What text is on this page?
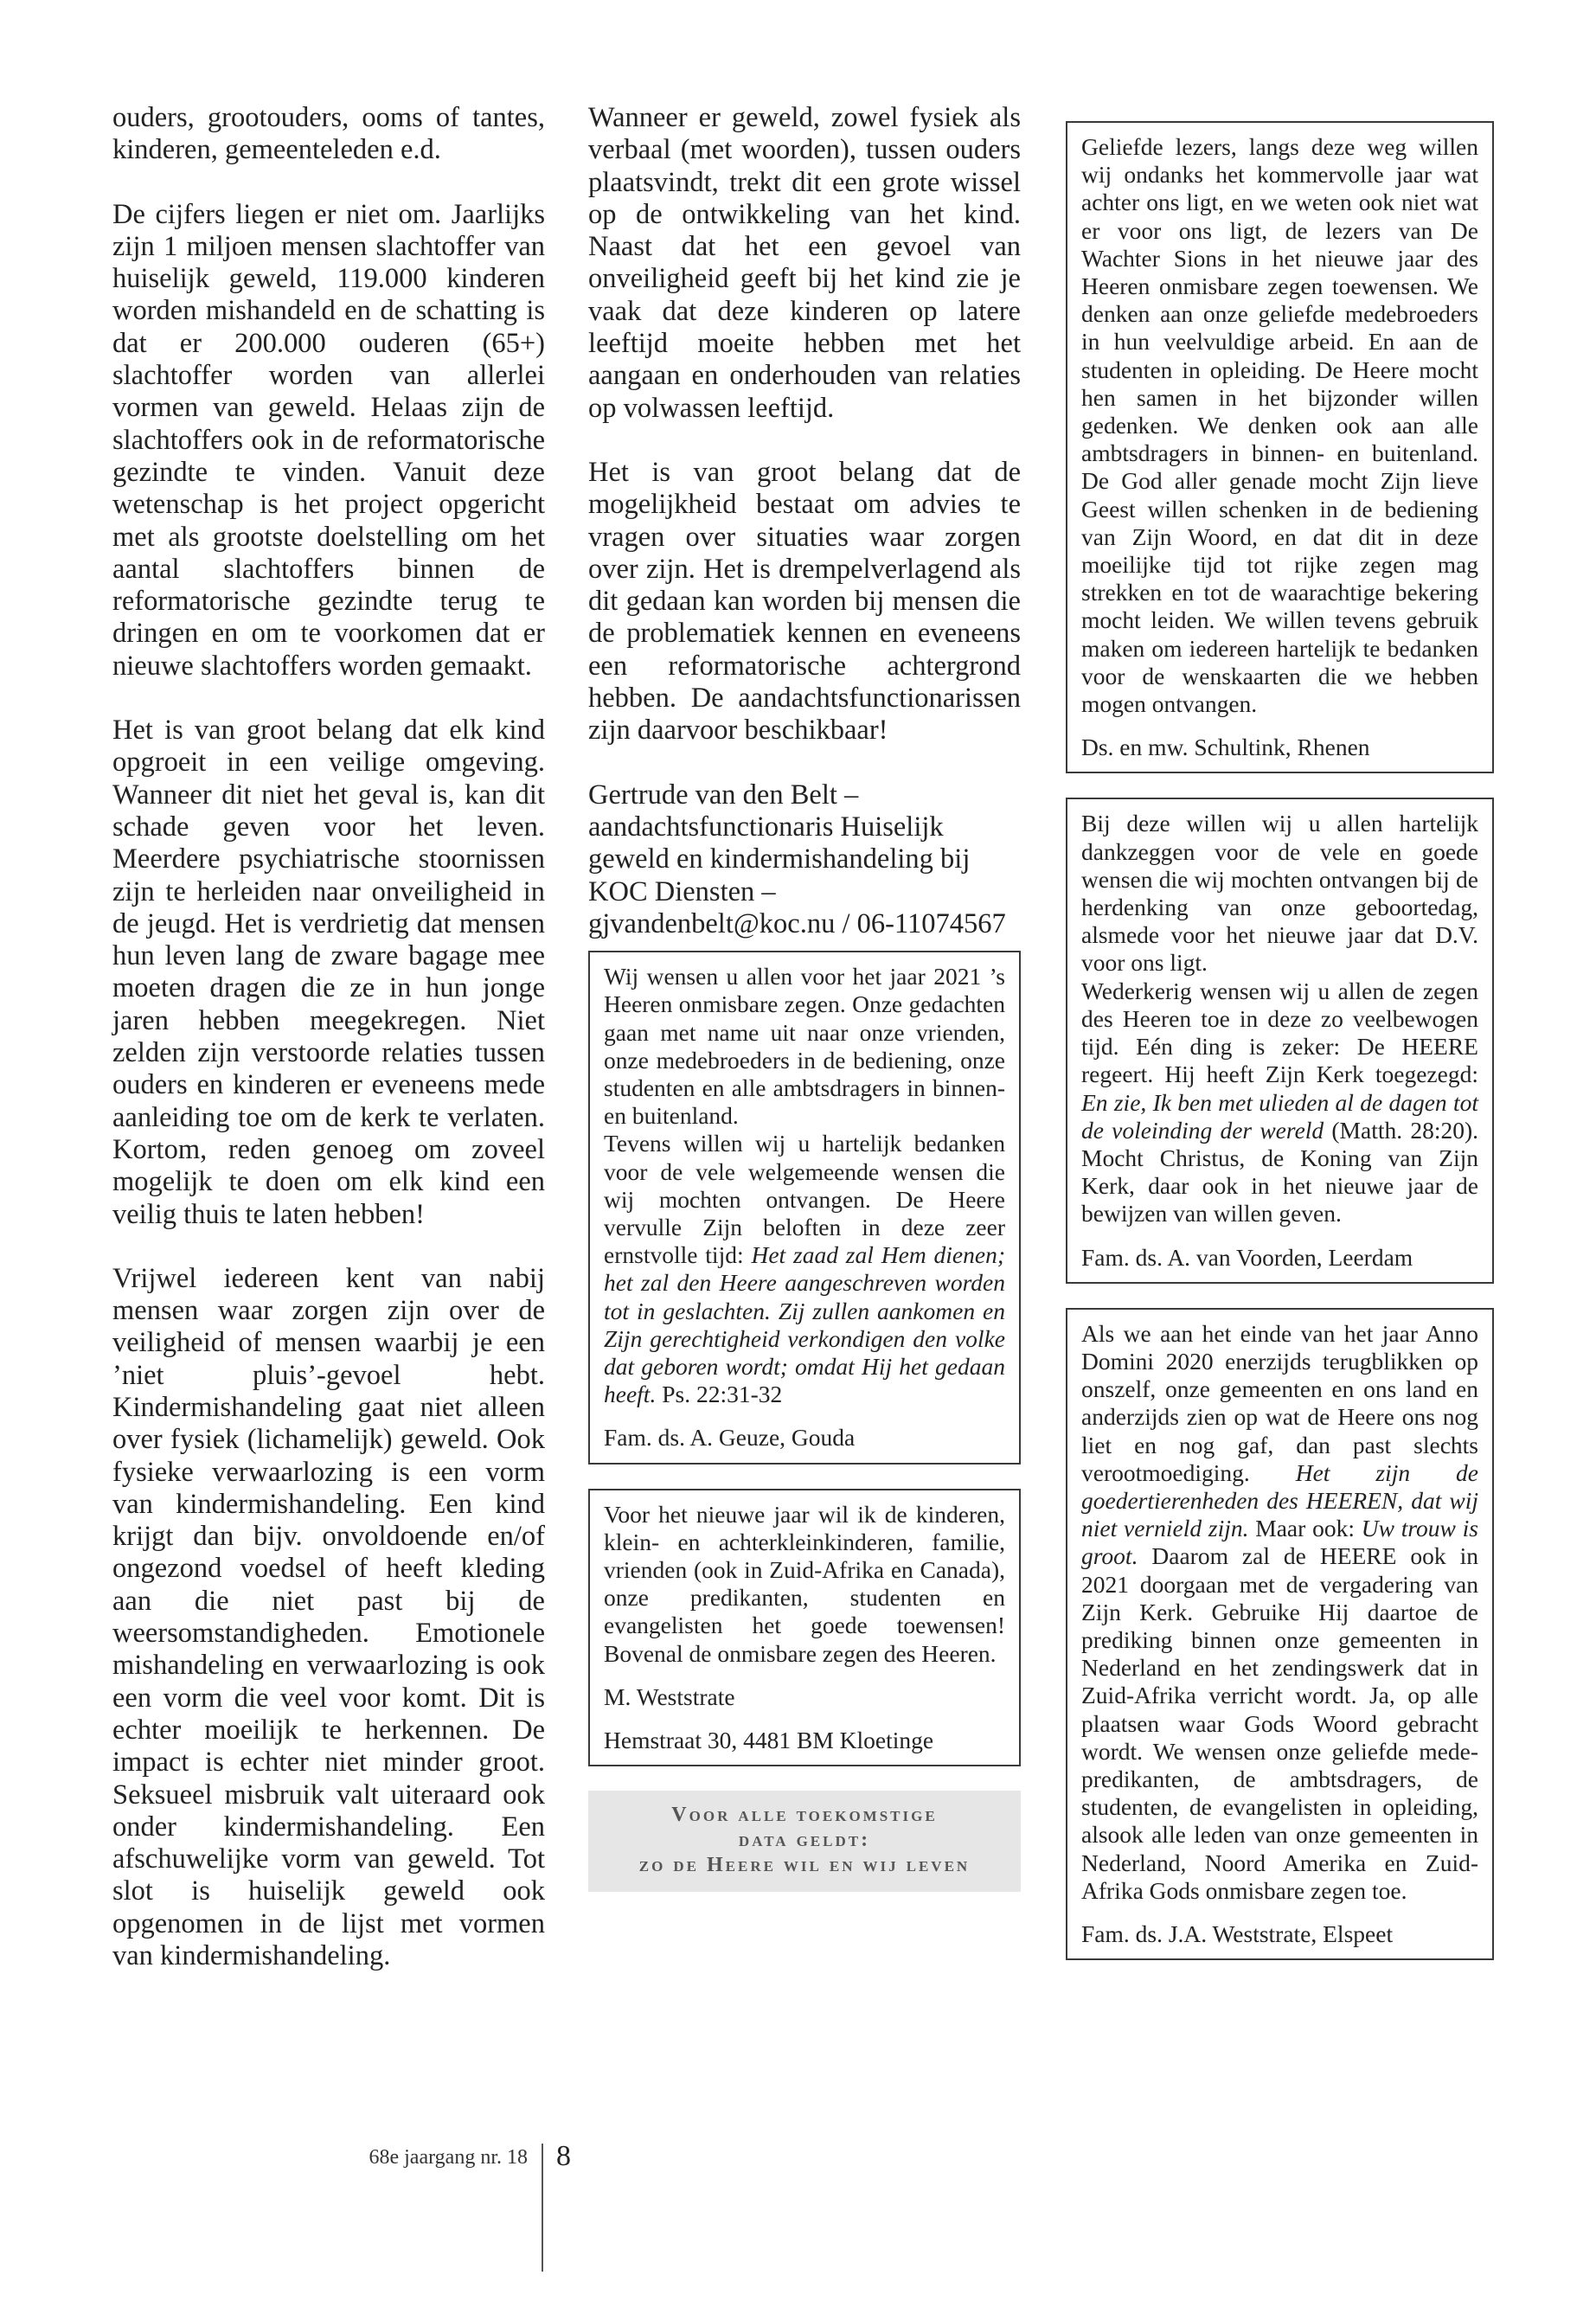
ouders, grootouders, ooms of tantes, kinderen, gemeenteleden e.d.

De cijfers liegen er niet om. Jaarlijks zijn 1 miljoen mensen slachtoffer van huiselijk geweld, 119.000 kinderen worden mishandeld en de schatting is dat er 200.000 ouderen (65+) slachtoffer worden van allerlei vormen van geweld. Helaas zijn de slachtoffers ook in de reformatorische gezindte te vinden. Vanuit deze wetenschap is het project opgericht met als grootste doelstelling om het aantal slachtoffers binnen de reformatorische gezindte terug te dringen en om te voorkomen dat er nieuwe slachtoffers worden gemaakt.

Het is van groot belang dat elk kind opgroeit in een veilige omgeving. Wanneer dit niet het geval is, kan dit schade geven voor het leven. Meerdere psychiatrische stoornissen zijn te herleiden naar onveiligheid in de jeugd. Het is verdrietig dat mensen hun leven lang de zware bagage mee moeten dragen die ze in hun jonge jaren hebben meegekregen. Niet zelden zijn verstoorde relaties tussen ouders en kinderen er eveneens mede aanleiding toe om de kerk te verlaten. Kortom, reden genoeg om zoveel mogelijk te doen om elk kind een veilig thuis te laten hebben!

Vrijwel iedereen kent van nabij mensen waar zorgen zijn over de veiligheid of mensen waarbij je een ’niet pluis’-gevoel hebt. Kindermishandeling gaat niet alleen over fysiek (lichamelijk) geweld. Ook fysieke verwaarlozing is een vorm van kindermishandeling. Een kind krijgt dan bijv. onvoldoende en/of ongezond voedsel of heeft kleding aan die niet past bij de weersomstandigheden. Emotionele mishandeling en verwaarlozing is ook een vorm die veel voor komt. Dit is echter moeilijk te herkennen. De impact is echter niet minder groot. Seksueel misbruik valt uiteraard ook onder kindermishandeling. Een afschuwelijke vorm van geweld. Tot slot is huiselijk geweld ook opgenomen in de lijst met vormen van kindermishandeling.

Wanneer er geweld, zowel fysiek als verbaal (met woorden), tussen ouders plaatsvindt, trekt dit een grote wissel op de ontwikkeling van het kind. Naast dat het een gevoel van onveiligheid geeft bij het kind zie je vaak dat deze kinderen op latere leeftijd moeite hebben met het aangaan en onderhouden van relaties op volwassen leeftijd.

Het is van groot belang dat de mogelijkheid bestaat om advies te vragen over situaties waar zorgen over zijn. Het is drempelverlagend als dit gedaan kan worden bij mensen die de problematiek kennen en eveneens een reformatorische achtergrond hebben. De aandachtsfunctionarissen zijn daarvoor beschikbaar!

Gertrude van den Belt – aandachtsfunctionaris Huiselijk geweld en kindermishandeling bij KOC Diensten – gjvandenbelt@koc.nu / 06-11074567

Wij wensen u allen voor het jaar 2021 ’s Heeren onmisbare zegen. Onze gedachten gaan met name uit naar onze vrienden, onze medebroeders in de bediening, onze studenten en alle ambtsdragers in binnen- en buitenland.

Tevens willen wij u hartelijk bedanken voor de vele welgemeende wensen die wij mochten ontvangen. De Heere vervulle Zijn beloften in deze zeer ernstvolle tijd: Het zaad zal Hem dienen; het zal den Heere aangeschreven worden tot in geslachten. Zij zullen aankomen en Zijn gerechtigheid verkondigen den volke dat geboren wordt; omdat Hij het gedaan heeft. Ps. 22:31-32

Fam. ds. A. Geuze, Gouda

Voor het nieuwe jaar wil ik de kinderen, klein- en achterkleinkinderen, familie, vrienden (ook in Zuid-Afrika en Canada), onze predikanten, studenten en evangelisten het goede toewensen! Bovenal de onmisbare zegen des Heeren.

M. Weststrate

Hemstraat 30, 4481 BM Kloetinge

Voor alle toekomstige
data geldt:
zo de Heere wil en wij leven

Geliefde lezers, langs deze weg willen wij ondanks het kommervolle jaar wat achter ons ligt, en we weten ook niet wat er voor ons ligt, de lezers van De Wachter Sions in het nieuwe jaar des Heeren onmisbare zegen toewensen. We denken aan onze geliefde medebroeders in hun veelvuldige arbeid. En aan de studenten in opleiding. De Heere mocht hen samen in het bijzonder willen gedenken. We denken ook aan alle ambtsdragers in binnen- en buitenland. De God aller genade mocht Zijn lieve Geest willen schenken in de bediening van Zijn Woord, en dat dit in deze moeilijke tijd tot rijke zegen mag strekken en tot de waarachtige bekering mocht leiden. We willen tevens gebruik maken om iedereen hartelijk te bedanken voor de wenskaarten die we hebben mogen ontvangen.

Ds. en mw. Schultink, Rhenen

Bij deze willen wij u allen hartelijk dankzeggen voor de vele en goede wensen die wij mochten ontvangen bij de herdenking van onze geboortedag, alsmede voor het nieuwe jaar dat D.V. voor ons ligt.

Wederkerig wensen wij u allen de zegen des Heeren toe in deze zo veelbewogen tijd. Eén ding is zeker: De HEERE regeert. Hij heeft Zijn Kerk toegezegd: En zie, Ik ben met ulieden al de dagen tot de voleinding der wereld (Matth. 28:20). Mocht Christus, de Koning van Zijn Kerk, daar ook in het nieuwe jaar de bewijzen van willen geven.

Fam. ds. A. van Voorden, Leerdam

Als we aan het einde van het jaar Anno Domini 2020 enerzijds terugblikken op onszelf, onze gemeenten en ons land en anderzijds zien op wat de Heere ons nog liet en nog gaf, dan past slechts verootmoediging. Het zijn de goedertierenheden des HEEREN, dat wij niet vernield zijn. Maar ook: Uw trouw is groot. Daarom zal de HEERE ook in 2021 doorgaan met de vergadering van Zijn Kerk. Gebruike Hij daartoe de prediking binnen onze gemeenten in Nederland en het zendingswerk dat in Zuid-Afrika verricht wordt. Ja, op alle plaatsen waar Gods Woord gebracht wordt. We wensen onze geliefde mede-predikanten, de ambtsdragers, de studenten, de evangelisten in opleiding, alsook alle leden van onze gemeenten in Nederland, Noord Amerika en Zuid-Afrika Gods onmisbare zegen toe.

Fam. ds. J.A. Weststrate, Elspeet

68e jaargang nr. 18 8
